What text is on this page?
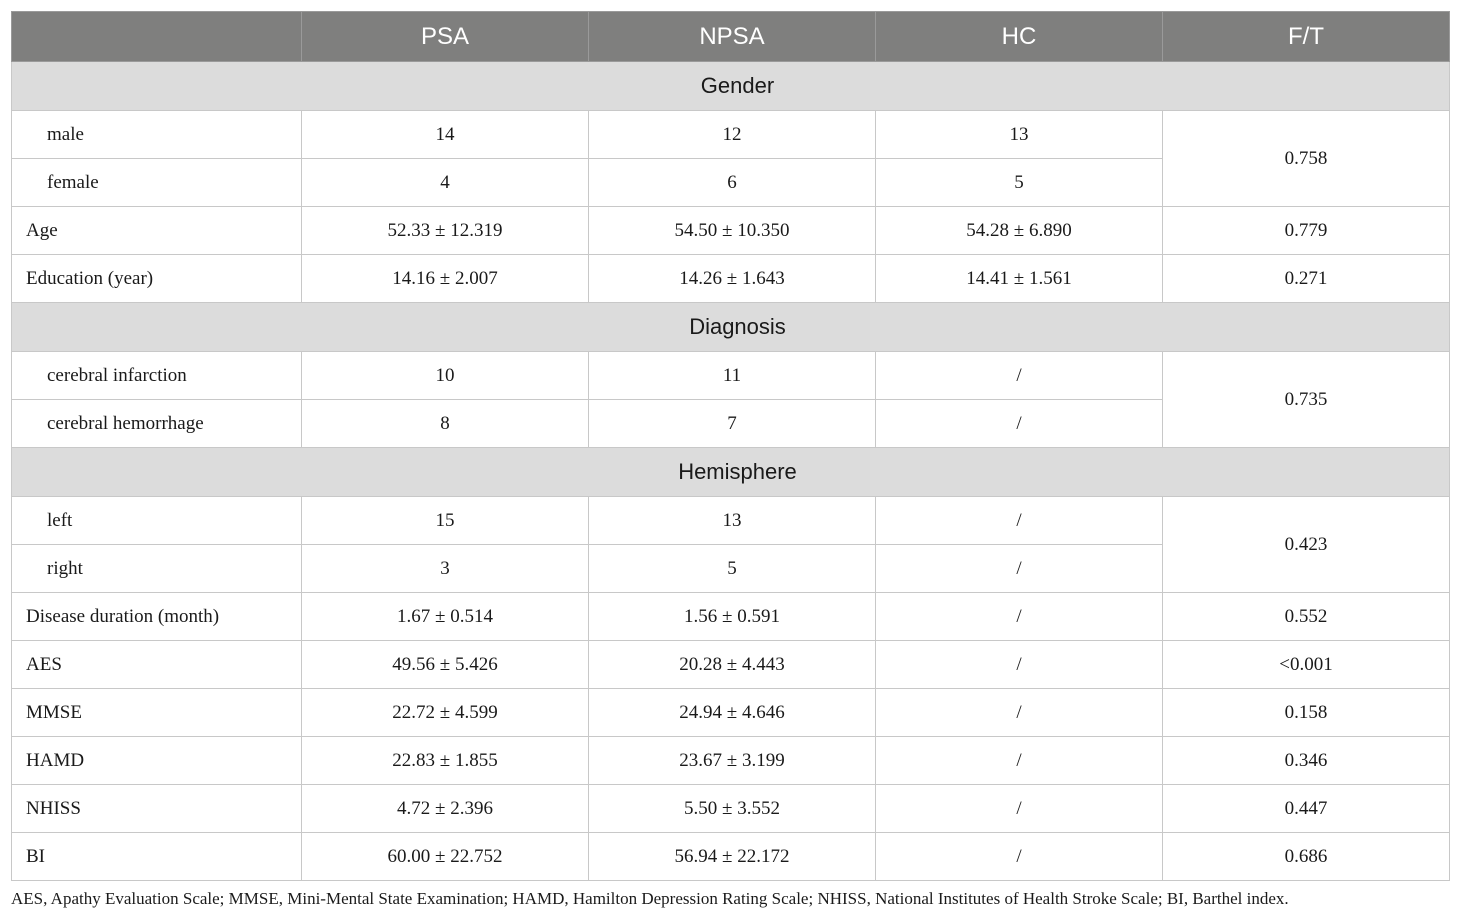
	PSA	NPSA	HC	F/T
Gender				
male	14	12	13	0.758
female	4	6	5	
Age	52.33 ± 12.319	54.50 ± 10.350	54.28 ± 6.890	0.779
Education (year)	14.16 ± 2.007	14.26 ± 1.643	14.41 ± 1.561	0.271
Diagnosis				
cerebral infarction	10	11	/	0.735
cerebral hemorrhage	8	7	/	
Hemisphere				
left	15	13	/	0.423
right	3	5	/	
Disease duration (month)	1.67 ± 0.514	1.56 ± 0.591	/	0.552
AES	49.56 ± 5.426	20.28 ± 4.443	/	<0.001
MMSE	22.72 ± 4.599	24.94 ± 4.646	/	0.158
HAMD	22.83 ± 1.855	23.67 ± 3.199	/	0.346
NHISS	4.72 ± 2.396	5.50 ± 3.552	/	0.447
BI	60.00 ± 22.752	56.94 ± 22.172	/	0.686
AES, Apathy Evaluation Scale; MMSE, Mini-Mental State Examination; HAMD, Hamilton Depression Rating Scale; NHISS, National Institutes of Health Stroke Scale; BI, Barthel index.
